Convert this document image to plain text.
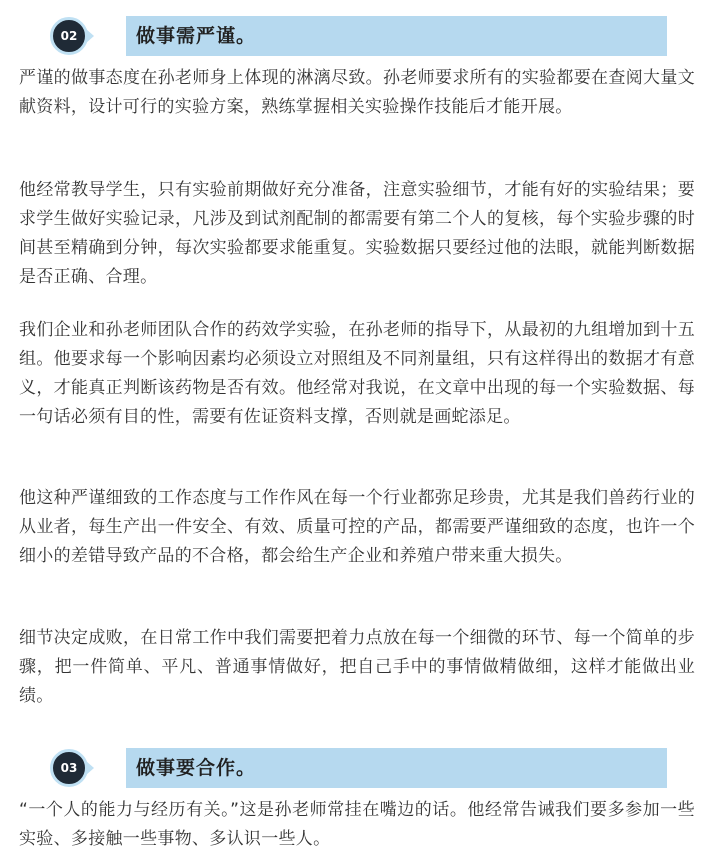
做事需严谨。
02

严谨的做事态度在孙老师身上体现的淋漓尽致。孙老师要求所有的实验都要在查阅大量文献资料，设计可行的实验方案，熟练掌握相关实验操作技能后才能开展。

他经常教导学生，只有实验前期做好充分准备，注意实验细节，才能有好的实验结果；要求学生做好实验记录，凡涉及到试剂配制的都需要有第二个人的复核，每个实验步骤的时间甚至精确到分钟，每次实验都要求能重复。实验数据只要经过他的法眼，就能判断数据是否正确、合理。

我们企业和孙老师团队合作的药效学实验，在孙老师的指导下，从最初的九组增加到十五组。他要求每一个影响因素均必须设立对照组及不同剂量组，只有这样得出的数据才有意义，才能真正判断该药物是否有效。他经常对我说，在文章中出现的每一个实验数据、每一句话必须有目的性，需要有佐证资料支撑，否则就是画蛇添足。

他这种严谨细致的工作态度与工作作风在每一个行业都弥足珍贵，尤其是我们兽药行业的从业者，每生产出一件安全、有效、质量可控的产品，都需要严谨细致的态度，也许一个细小的差错导致产品的不合格，都会给生产企业和养殖户带来重大损失。

细节决定成败，在日常工作中我们需要把着力点放在每一个细微的环节、每一个简单的步骤，把一件简单、平凡、普通事情做好，把自己手中的事情做精做细，这样才能做出业绩。

做事要合作。
03

“一个人的能力与经历有关。”这是孙老师常挂在嘴边的话。他经常告诫我们要多参加一些实验、多接触一些事物、多认识一些人。
